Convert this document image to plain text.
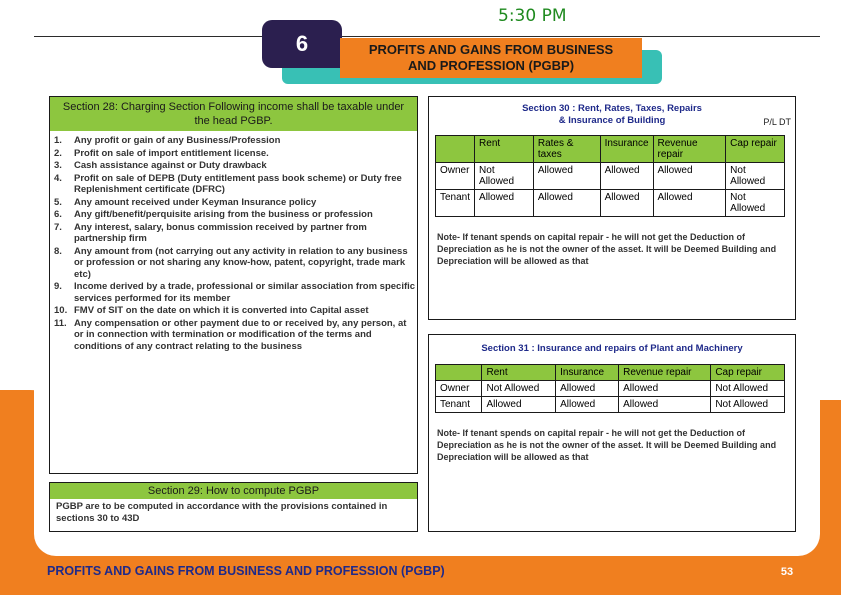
6	PROFITS AND GAINS FROM BUSINESS
AND PROFESSION (PGBP)
5:30 PM
Section 28: Charging Section Following income shall be taxable under the head PGBP.
1. Any profit or gain of any Business/Profession
2. Profit on sale of import entitlement license.
3. Cash assistance against or Duty drawback
4. Profit on sale of DEPB (Duty entitlement pass book scheme) or Duty free Replenishment certificate (DFRC)
5. Any amount received under Keyman Insurance policy
6. Any gift/benefit/perquisite arising from the business or profession
7. Any interest, salary, bonus commission received by partner from partnership firm
8. Any amount from (not carrying out any activity in relation to any business or profession or not sharing any know-how, patent, copyright, trade mark etc)
9. Income derived by a trade, professional or similar association from specific services performed for its member
10. FMV of SIT on the date on which it is converted into Capital asset
11. Any compensation or other payment due to or received by, any person, at or in connection with termination or modification of the terms and conditions of any contract relating to the business
Section 29: How to compute PGBP
PGBP are to be computed in accordance with the provisions contained in sections 30 to 43D
Section 30 : Rent, Rates, Taxes, Repairs & Insurance of Building	P/L DT
	Rent	Rates & taxes	Insurance	Revenue repair	Cap repair
Owner	Not Allowed	Allowed	Allowed	Allowed	Not Allowed
Tenant	Allowed	Allowed	Allowed	Allowed	Not Allowed
Note- If tenant spends on capital repair - he will not get the Deduction of Depreciation as he is not the owner of the asset. It will be Deemed Building and Depreciation will be allowed as that
Section 31 : Insurance and repairs of Plant and Machinery
	Rent	Insurance	Revenue repair	Cap repair
Owner	Not Allowed	Allowed	Allowed	Not Allowed
Tenant	Allowed	Allowed	Allowed	Not Allowed
Note- If tenant spends on capital repair - he will not get the Deduction of Depreciation as he is not the owner of the asset. It will be Deemed Building and Depreciation will be allowed as that
PROFITS AND GAINS FROM BUSINESS AND PROFESSION (PGBP)	53
